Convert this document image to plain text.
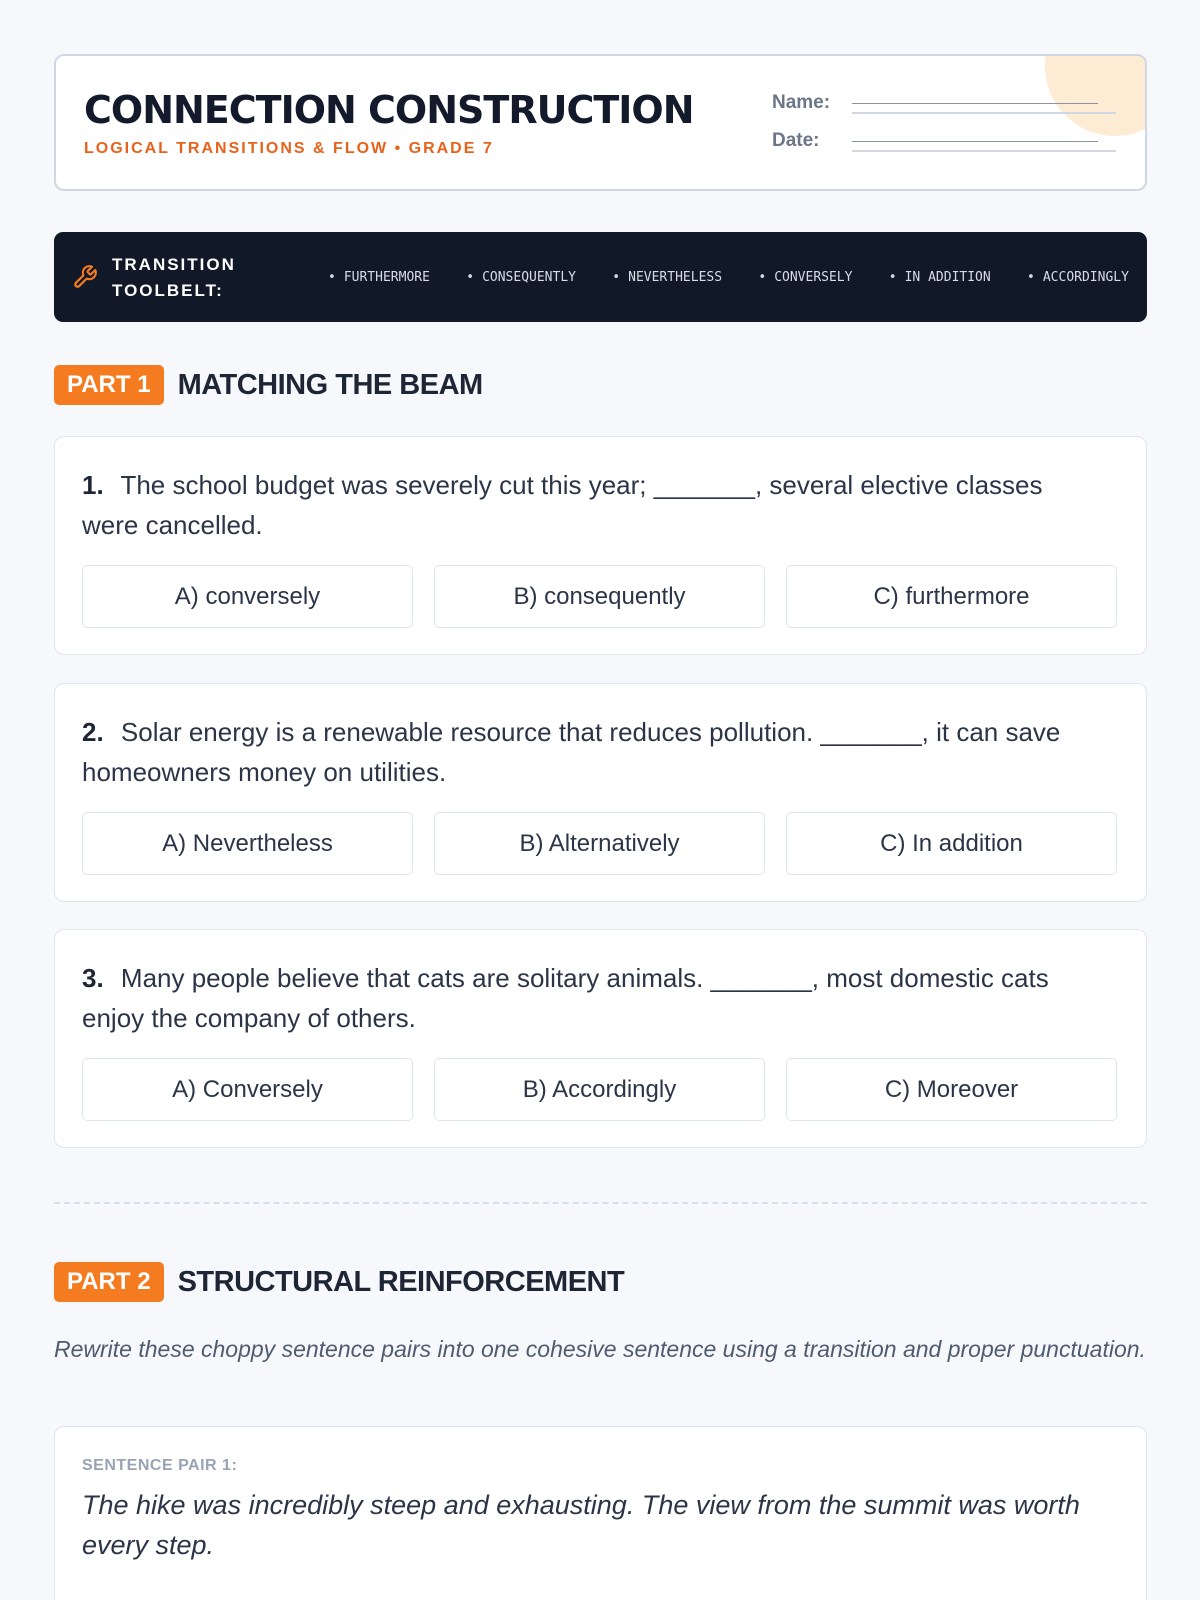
CONNECTION CONSTRUCTION
LOGICAL TRANSITIONS & FLOW • GRADE 7
Name:
Date:
TRANSITION TOOLBELT:
• FURTHERMORE	• CONSEQUENTLY	• NEVERTHELESS	• CONVERSELY	• IN ADDITION	• ACCORDINGLY
PART 1 MATCHING THE BEAM
1. The school budget was severely cut this year; _______, several elective classes were cancelled.
A) conversely	B) consequently	C) furthermore
2. Solar energy is a renewable resource that reduces pollution. _______, it can save homeowners money on utilities.
A) Nevertheless	B) Alternatively	C) In addition
3. Many people believe that cats are solitary animals. _______, most domestic cats enjoy the company of others.
A) Conversely	B) Accordingly	C) Moreover
PART 2 STRUCTURAL REINFORCEMENT
Rewrite these choppy sentence pairs into one cohesive sentence using a transition and proper punctuation.
SENTENCE PAIR 1:
The hike was incredibly steep and exhausting. The view from the summit was worth every step.
